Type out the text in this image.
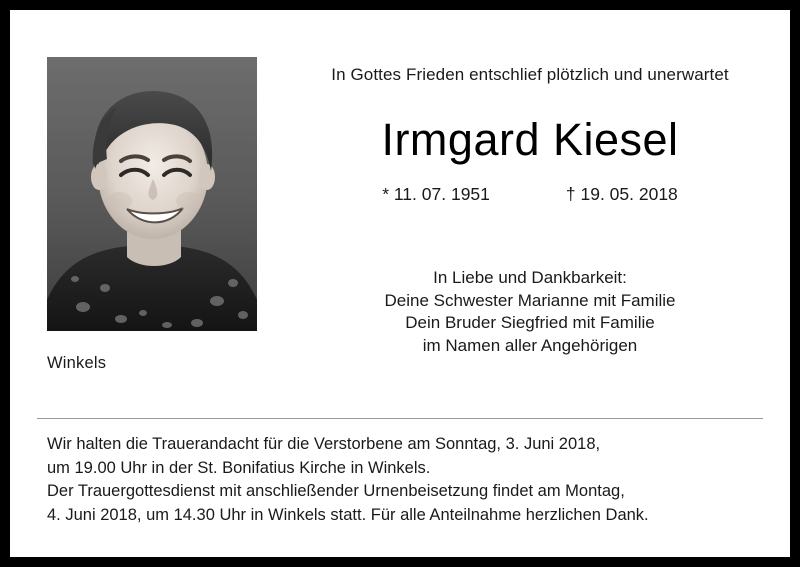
Winkels
In Gottes Frieden entschlief plötzlich und unerwartet
Irmgard Kiesel
* 11. 07. 1951	† 19. 05. 2018
In Liebe und Dankbarkeit:
Deine Schwester Marianne mit Familie
Dein Bruder Siegfried mit Familie
im Namen aller Angehörigen
Wir halten die Trauerandacht für die Verstorbene am Sonntag, 3. Juni 2018,
um 19.00 Uhr in der St. Bonifatius Kirche in Winkels.
Der Trauergottesdienst mit anschließender Urnenbeisetzung findet am Montag,
4. Juni 2018, um 14.30 Uhr in Winkels statt. Für alle Anteilnahme herzlichen Dank.
